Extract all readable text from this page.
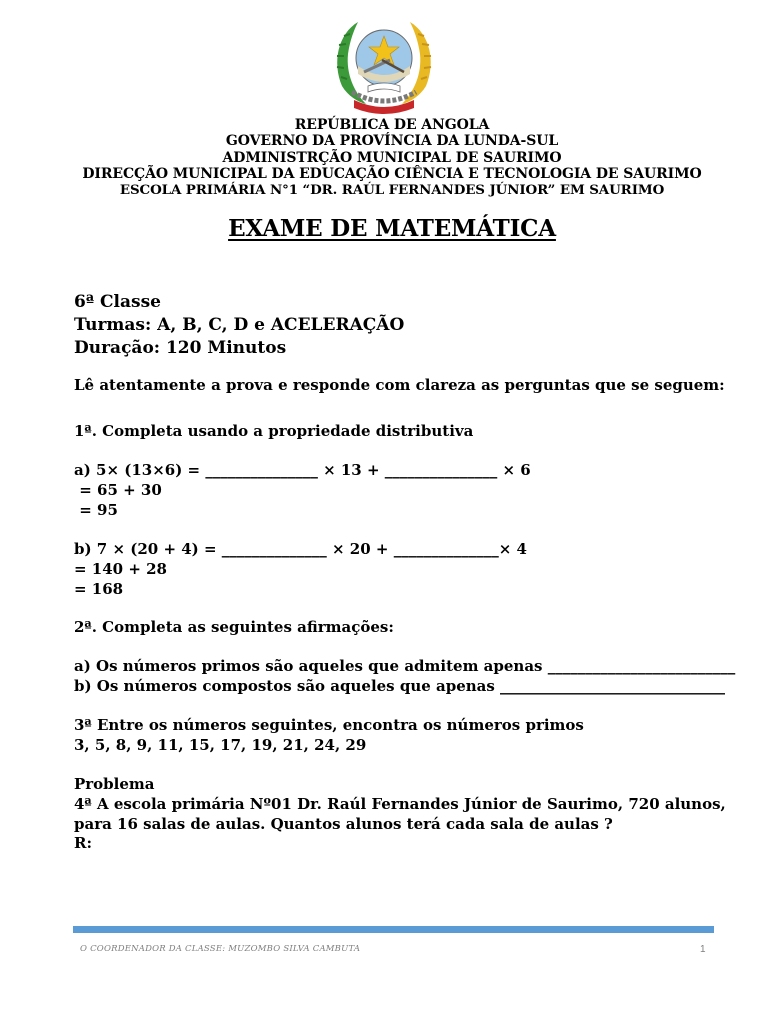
REPÚBLICA DE ANGOLA
GOVERNO DA PROVÍNCIA DA LUNDA-SUL
ADMINISTRÇÃO MUNICIPAL DE SAURIMO
DIRECÇÃO MUNICIPAL DA EDUCAÇÃO CIÊNCIA E TECNOLOGIA DE SAURIMO
ESCOLA PRIMÁRIA N°1 “DR. RAÚL FERNANDES JÚNIOR” EM SAURIMO
EXAME DE MATEMÁTICA
6ª Classe
Turmas: A, B, C, D e ACELERAÇÃO
Duração: 120 Minutos
Lê atentamente a prova e responde com clareza as perguntas que se seguem:
1ª. Completa usando a propriedade distributiva
a) 5× (13×6) = _______________ × 13 + _______________ × 6
= 65 + 30
= 95
b) 7 × (20 + 4) = ______________ × 20 + ______________× 4
= 140 + 28
= 168
2ª. Completa as seguintes afirmações:
a) Os números primos são aqueles que admitem apenas _________________________
b) Os números compostos são aqueles que apenas ______________________________
3ª Entre os números seguintes, encontra os números primos
3, 5, 8, 9, 11, 15, 17, 19, 21, 24, 29
Problema
4ª A escola primária Nº01 Dr. Raúl Fernandes Júnior de Saurimo, 720 alunos,
para 16 salas de aulas. Quantos alunos terá cada sala de aulas ?
R:
O COORDENADOR DA CLASSE: MUZOMBO SILVA CAMBUTA	1
